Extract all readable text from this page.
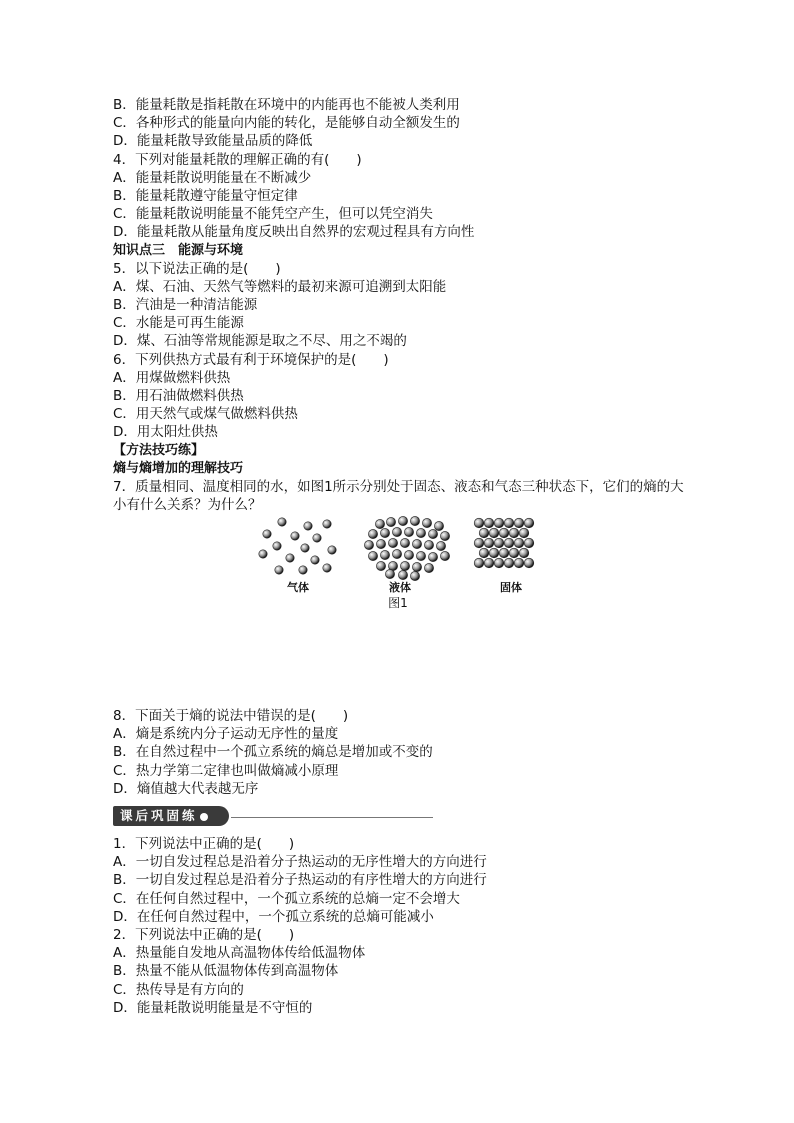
B．能量耗散是指耗散在环境中的内能再也不能被人类利用
C．各种形式的能量向内能的转化，是能够自动全额发生的
D．能量耗散导致能量品质的降低
4．下列对能量耗散的理解正确的有(　　)
A．能量耗散说明能量在不断减少
B．能量耗散遵守能量守恒定律
C．能量耗散说明能量不能凭空产生，但可以凭空消失
D．能量耗散从能量角度反映出自然界的宏观过程具有方向性
知识点三　能源与环境
5．以下说法正确的是(　　)
A．煤、石油、天然气等燃料的最初来源可追溯到太阳能
B．汽油是一种清洁能源
C．水能是可再生能源
D．煤、石油等常规能源是取之不尽、用之不竭的
6．下列供热方式最有利于环境保护的是(　　)
A．用煤做燃料供热
B．用石油做燃料供热
C．用天然气或煤气做燃料供热
D．用太阳灶供热
【方法技巧练】
熵与熵增加的理解技巧
7．质量相同、温度相同的水，如图1所示分别处于固态、液态和气态三种状态下，它们的熵的大小有什么关系？为什么？
气体	液体	固体
图1
8．下面关于熵的说法中错误的是(　　)
A．熵是系统内分子运动无序性的量度
B．在自然过程中一个孤立系统的熵总是增加或不变的
C．热力学第二定律也叫做熵减小原理
D．熵值越大代表越无序
课后巩固练
1．下列说法中正确的是(　　)
A．一切自发过程总是沿着分子热运动的无序性增大的方向进行
B．一切自发过程总是沿着分子热运动的有序性增大的方向进行
C．在任何自然过程中，一个孤立系统的总熵一定不会增大
D．在任何自然过程中，一个孤立系统的总熵可能减小
2．下列说法中正确的是(　　)
A．热量能自发地从高温物体传给低温物体
B．热量不能从低温物体传到高温物体
C．热传导是有方向的
D．能量耗散说明能量是不守恒的
